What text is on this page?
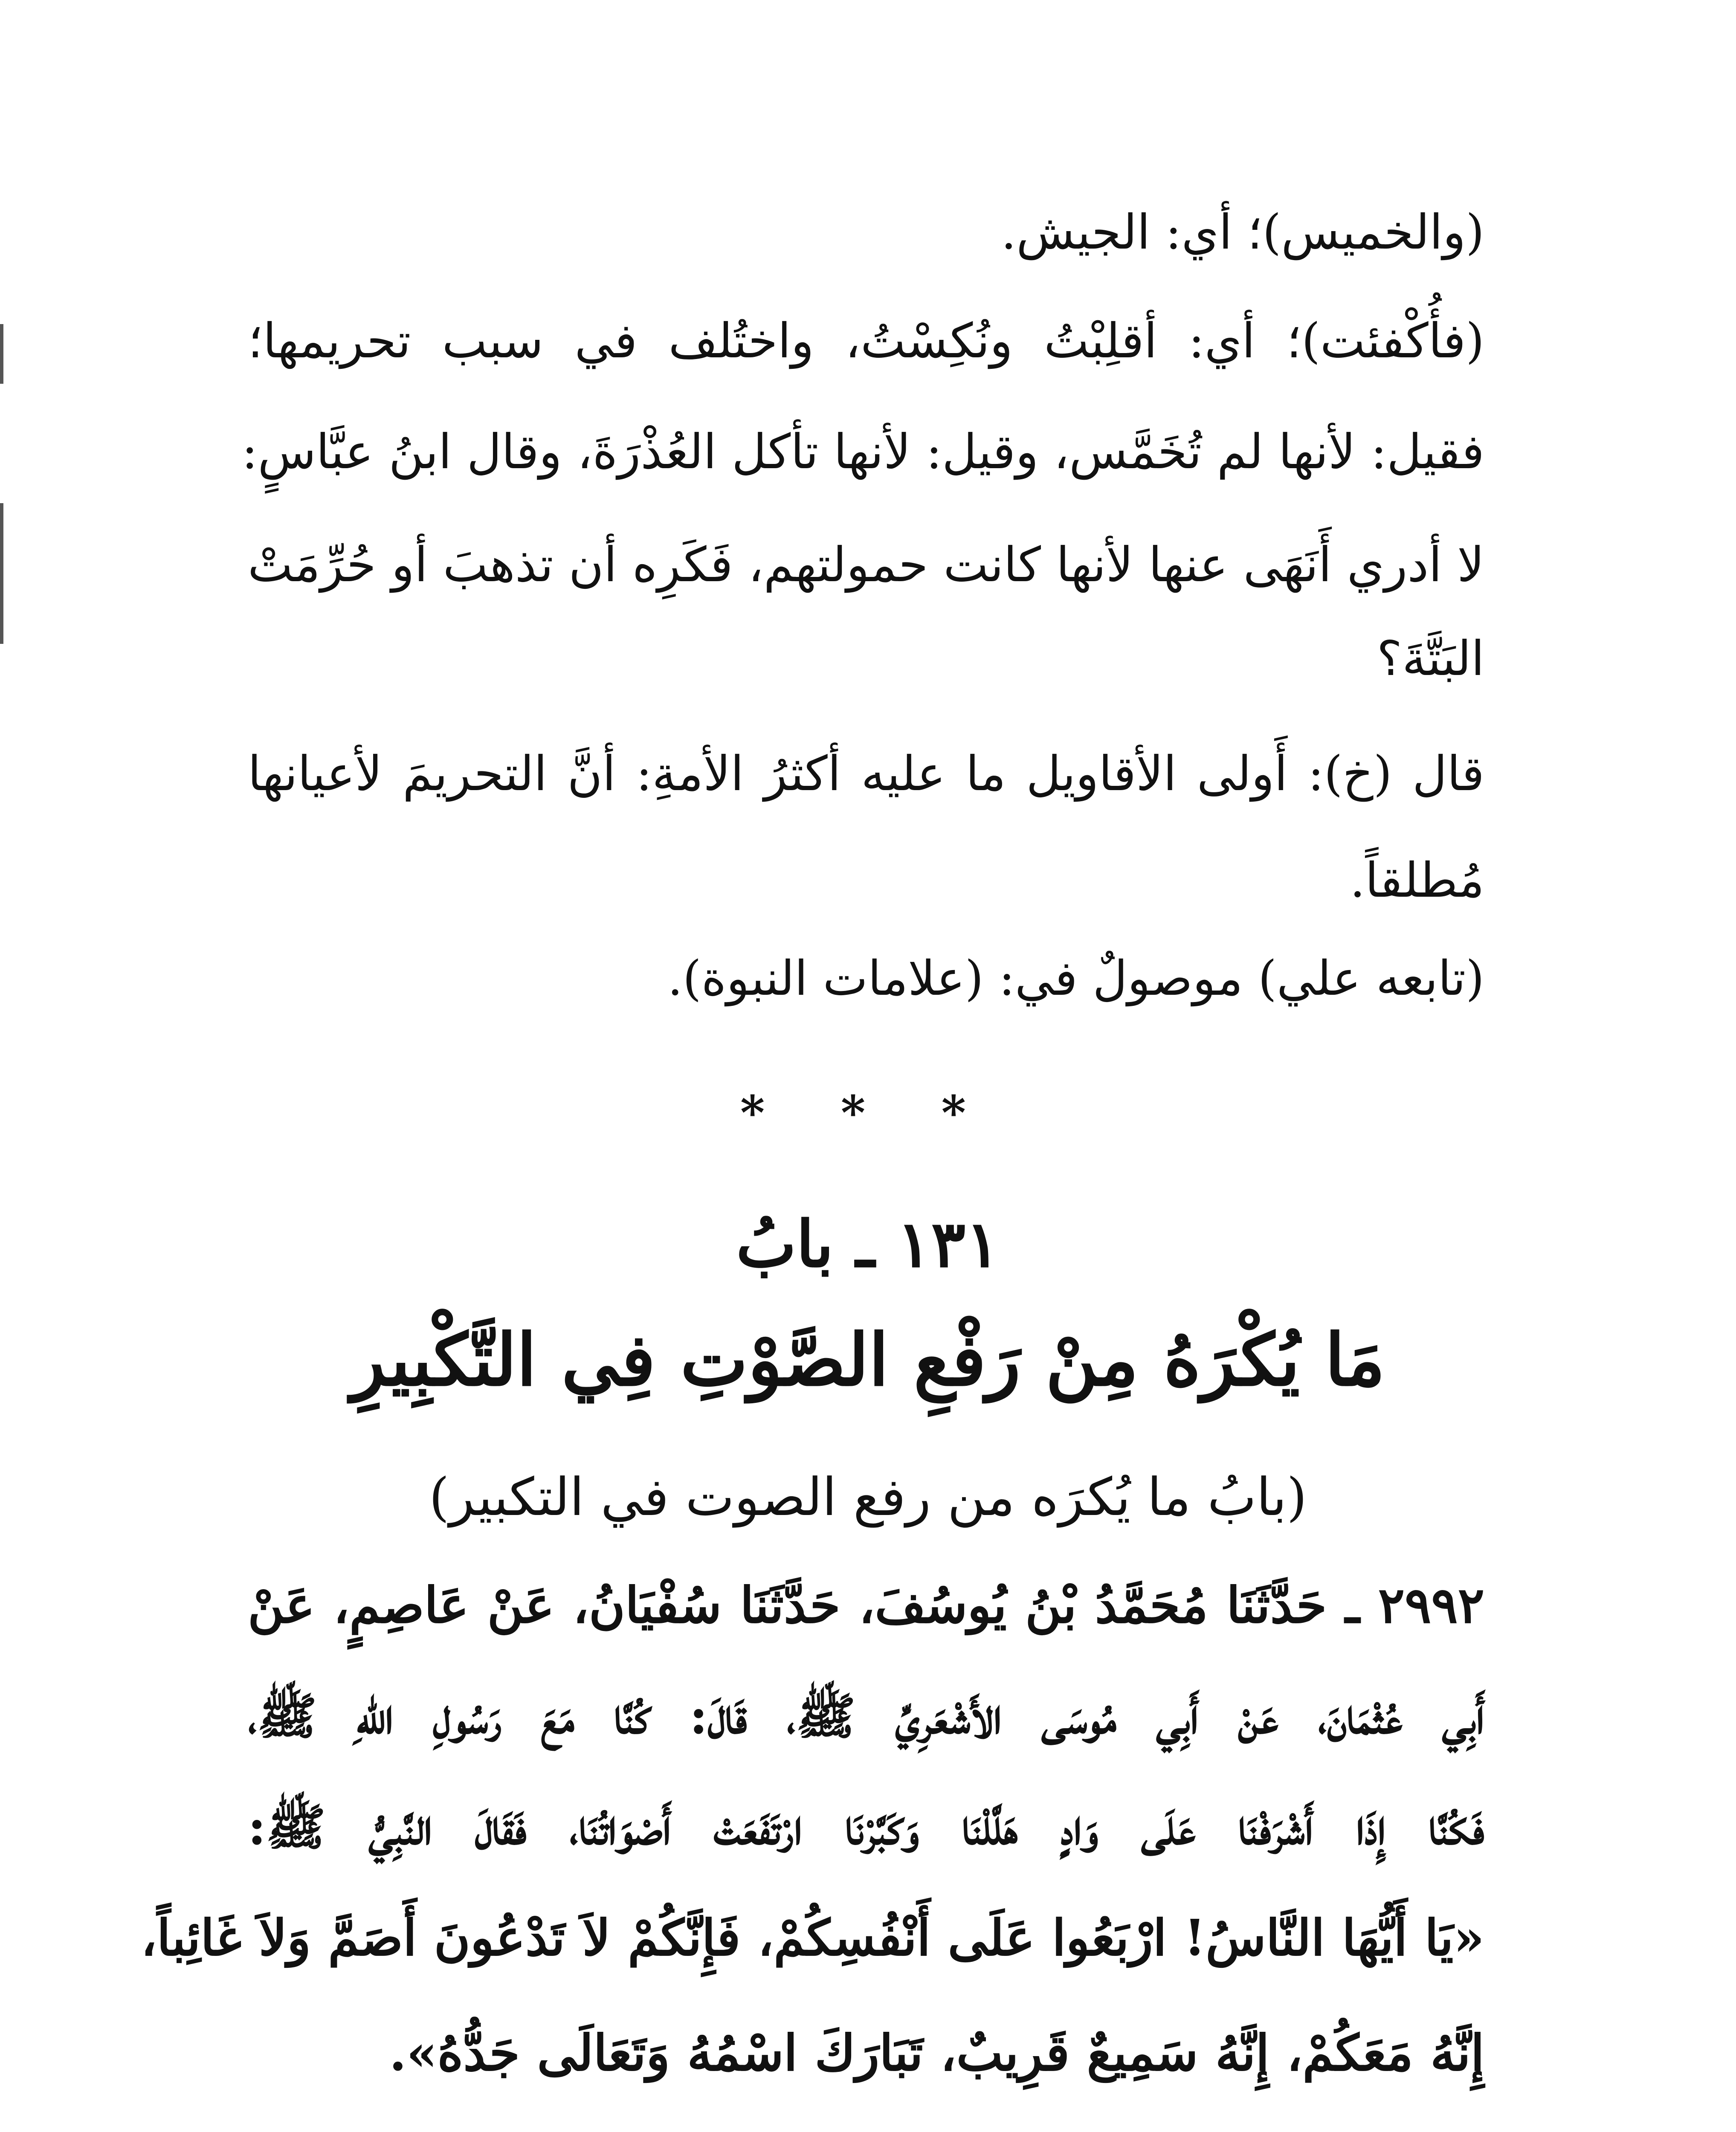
(والخميس)؛ أي: الجيش.
(فأُكْفئت)؛ أي: أقلِبْتُ ونُكِسْتُ، واختُلف في سبب تحريمها؛
فقيل: لأنها لم تُخَمَّس، وقيل: لأنها تأكل العُذْرَةَ، وقال ابنُ عبَّاسٍ:
لا أدري أَنَهَى عنها لأنها كانت حمولتهم، فَكَرِه أن تذهبَ أو حُرِّمَتْ
البَتَّةَ؟
قال (خ): أَولى الأقاويل ما عليه أكثرُ الأمةِ: أنَّ التحريمَ لأعيانها
مُطلقاً.
(تابعه علي) موصولٌ في: (علامات النبوة).
* * *
١٣١ ـ بابُ
مَا يُكْرَهُ مِنْ رَفْعِ الصَّوْتِ فِي التَّكْبِيرِ
(بابُ ما يُكرَه من رفع الصوت في التكبير)
٢٩٩٢ ـ حَدَّثَنَا مُحَمَّدُ بْنُ يُوسُفَ، حَدَّثَنَا سُفْيَانُ، عَنْ عَاصِمٍ، عَنْ
أَبِي عُثْمَانَ، عَنْ أَبِي مُوسَى الأَشْعَرِيِّ ﷺ، قَالَ: كُنَّا مَعَ رَسُولِ اللهِ ﷺ،
فَكُنَّا إِذَا أَشْرَفْنَا عَلَى وَادٍ هَلَّلْنَا وَكَبَّرْنَا ارْتَفَعَتْ أَصْوَاتُنَا، فَقَالَ النَّبِيُّ ﷺ:
«يَا أَيُّهَا النَّاسُ! ارْبَعُوا عَلَى أَنْفُسِكُمْ، فَإِنَّكُمْ لاَ تَدْعُونَ أَصَمَّ وَلاَ غَائِباً،
إِنَّهُ مَعَكُمْ، إِنَّهُ سَمِيعٌ قَرِيبٌ، تَبَارَكَ اسْمُهُ وَتَعَالَى جَدُّهُ».
